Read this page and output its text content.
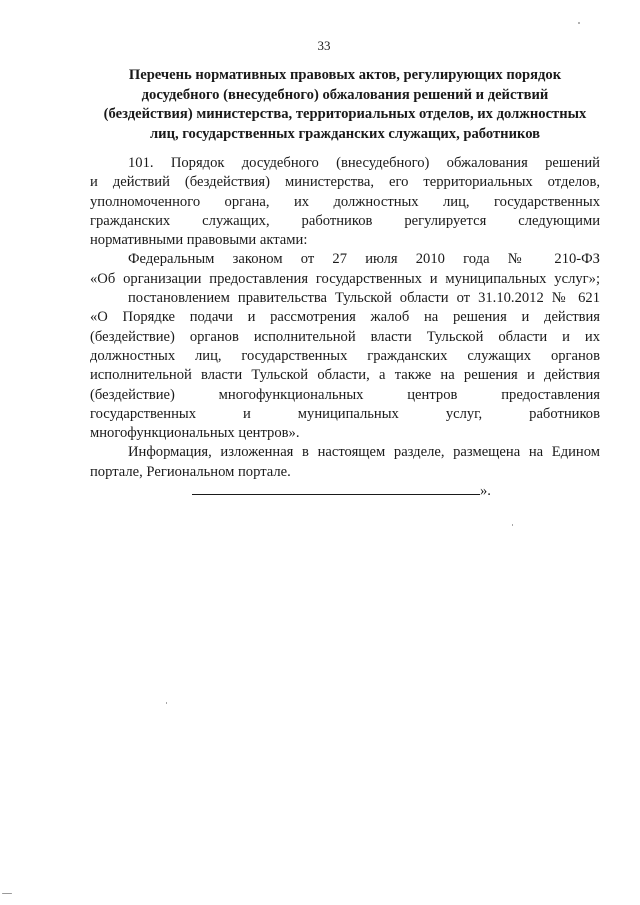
33
Перечень нормативных правовых актов, регулирующих порядок
досудебного (внесудебного) обжалования решений и действий
(бездействия) министерства, территориальных отделов, их должностных
лиц, государственных гражданских служащих, работников
101. Порядок досудебного (внесудебного) обжалования решений
и действий (бездействия) министерства, его территориальных отделов,
уполномоченного органа, их должностных лиц, государственных
гражданских служащих, работников регулируется следующими
нормативными правовыми актами:
Федеральным законом от 27 июля 2010 года № 210-ФЗ
«Об организации предоставления государственных и муниципальных услуг»;
постановлением правительства Тульской области от 31.10.2012 № 621
«О Порядке подачи и рассмотрения жалоб на решения и действия
(бездействие) органов исполнительной власти Тульской области и их
должностных лиц, государственных гражданских служащих органов
исполнительной власти Тульской области, а также на решения и действия
(бездействие) многофункциональных центров предоставления
государственных и муниципальных услуг, работников
многофункциональных центров».
Информация, изложенная в настоящем разделе, размещена на Едином
портале, Региональном портале.
».
